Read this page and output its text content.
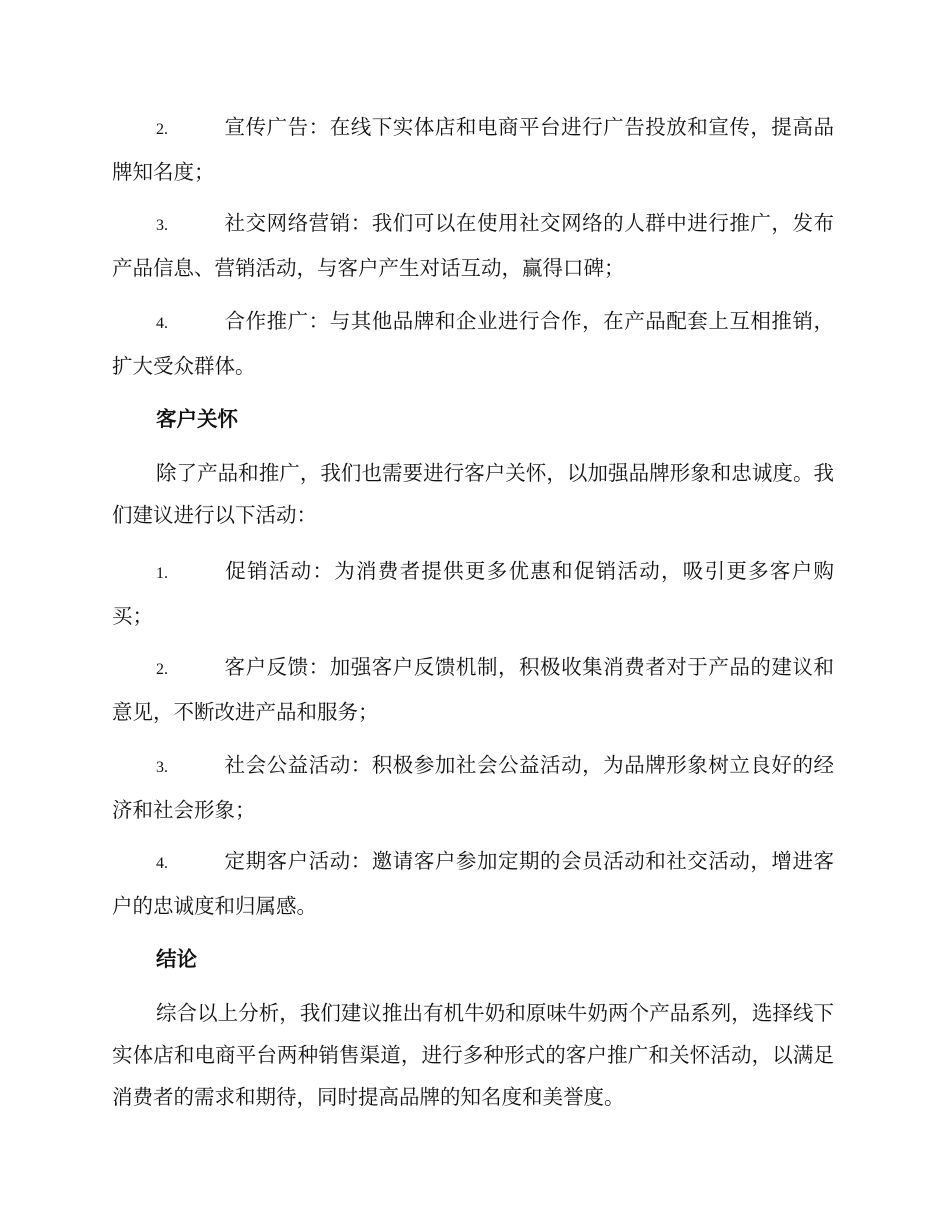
2.	宣传广告：在线下实体店和电商平台进行广告投放和宣传，提高品牌知名度；
3.	社交网络营销：我们可以在使用社交网络的人群中进行推广，发布产品信息、营销活动，与客户产生对话互动，赢得口碑；
4.	合作推广：与其他品牌和企业进行合作，在产品配套上互相推销，扩大受众群体。
客户关怀
除了产品和推广，我们也需要进行客户关怀，以加强品牌形象和忠诚度。我们建议进行以下活动：
1.	促销活动：为消费者提供更多优惠和促销活动，吸引更多客户购买；
2.	客户反馈：加强客户反馈机制，积极收集消费者对于产品的建议和意见，不断改进产品和服务；
3.	社会公益活动：积极参加社会公益活动，为品牌形象树立良好的经济和社会形象；
4.	定期客户活动：邀请客户参加定期的会员活动和社交活动，增进客户的忠诚度和归属感。
结论
综合以上分析，我们建议推出有机牛奶和原味牛奶两个产品系列，选择线下实体店和电商平台两种销售渠道，进行多种形式的客户推广和关怀活动，以满足消费者的需求和期待，同时提高品牌的知名度和美誉度。
